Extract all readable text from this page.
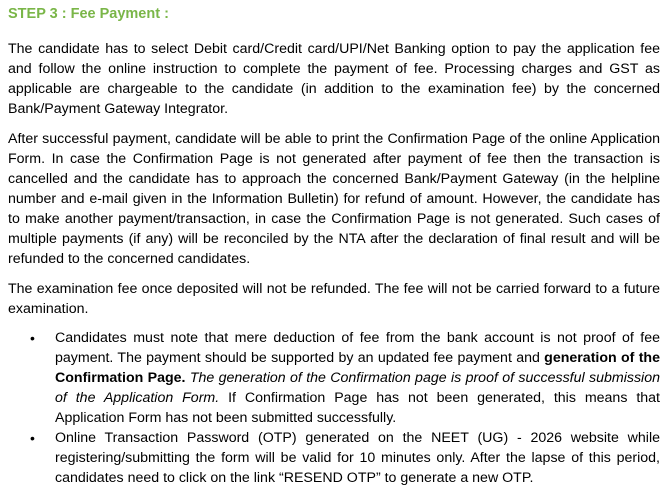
STEP 3 : Fee Payment :

The candidate has to select Debit card/Credit card/UPI/Net Banking option to pay the application fee and follow the online instruction to complete the payment of fee. Processing charges and GST as applicable are chargeable to the candidate (in addition to the examination fee) by the concerned Bank/Payment Gateway Integrator.

After successful payment, candidate will be able to print the Confirmation Page of the online Application Form. In case the Confirmation Page is not generated after payment of fee then the transaction is cancelled and the candidate has to approach the concerned Bank/Payment Gateway (in the helpline number and e-mail given in the Information Bulletin) for refund of amount. However, the candidate has to make another payment/transaction, in case the Confirmation Page is not generated. Such cases of multiple payments (if any) will be reconciled by the NTA after the declaration of final result and will be refunded to the concerned candidates.

The examination fee once deposited will not be refunded. The fee will not be carried forward to a future examination.

• Candidates must note that mere deduction of fee from the bank account is not proof of fee payment. The payment should be supported by an updated fee payment and generation of the Confirmation Page. The generation of the Confirmation page is proof of successful submission of the Application Form. If Confirmation Page has not been generated, this means that Application Form has not been submitted successfully.
• Online Transaction Password (OTP) generated on the NEET (UG) - 2026 website while registering/submitting the form will be valid for 10 minutes only. After the lapse of this period, candidates need to click on the link “RESEND OTP” to generate a new OTP.
